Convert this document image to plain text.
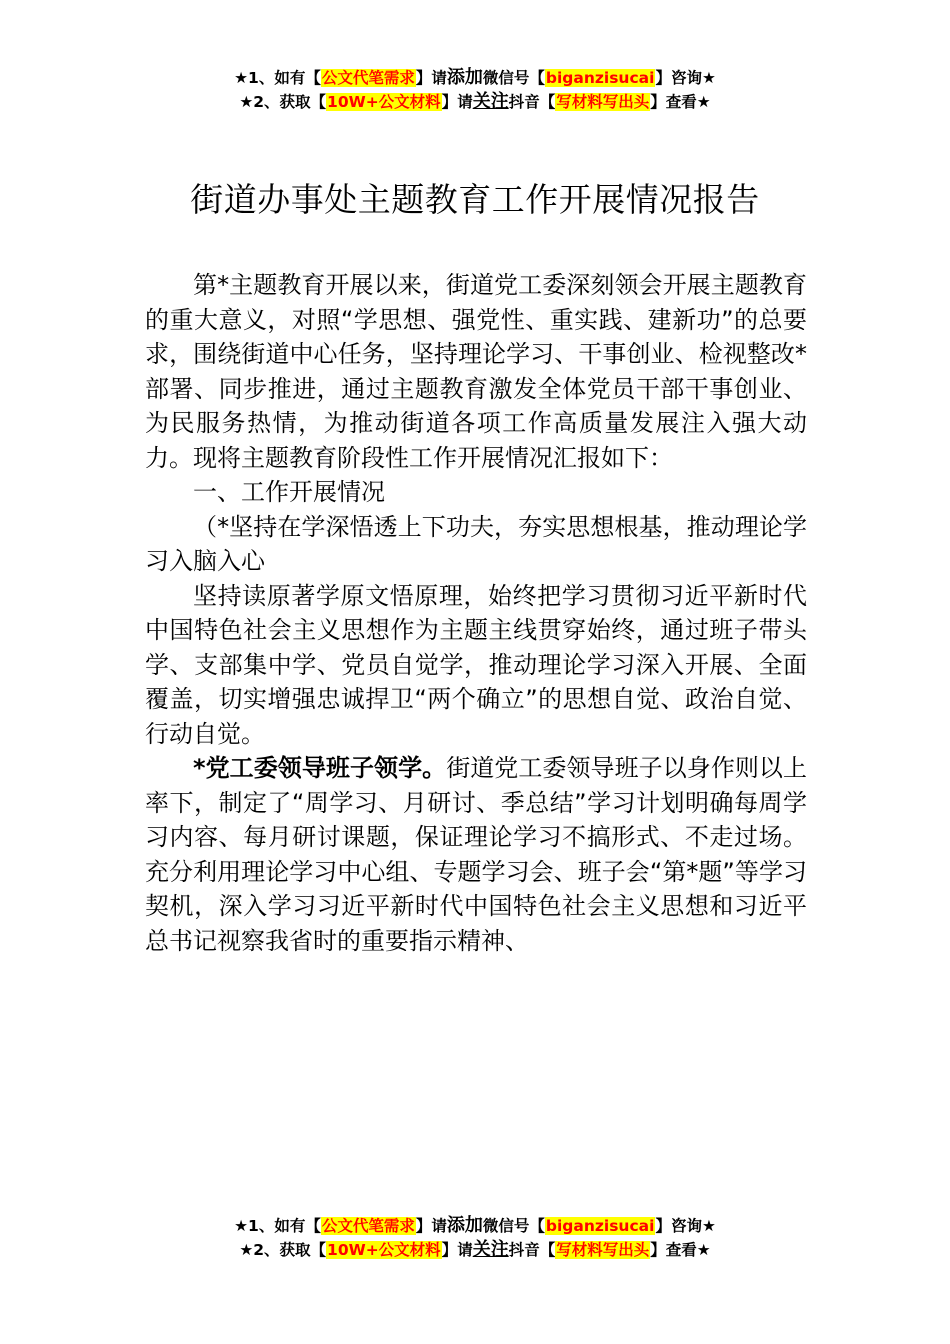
★1、如有【公文代笔需求】请添加微信号【biganzisucai】咨询★
★2、获取【10W+公文材料】请关注抖音【写材料写出头】查看★
街道办事处主题教育工作开展情况报告

第*主题教育开展以来，街道党工委深刻领会开展主题教育的重大意义，对照“学思想、强党性、重实践、建新功”的总要求，围绕街道中心任务，坚持理论学习、干事创业、检视整改*部署、同步推进，通过主题教育激发全体党员干部干事创业、为民服务热情，为推动街道各项工作高质量发展注入强大动力。现将主题教育阶段性工作开展情况汇报如下：

一、工作开展情况

（*坚持在学深悟透上下功夫，夯实思想根基，推动理论学习入脑入心

坚持读原著学原文悟原理，始终把学习贯彻习近平新时代中国特色社会主义思想作为主题主线贯穿始终，通过班子带头学、支部集中学、党员自觉学，推动理论学习深入开展、全面覆盖，切实增强忠诚捍卫“两个确立”的思想自觉、政治自觉、行动自觉。

*党工委领导班子领学。街道党工委领导班子以身作则以上率下，制定了“周学习、月研讨、季总结”学习计划明确每周学习内容、每月研讨课题，保证理论学习不搞形式、不走过场。充分利用理论学习中心组、专题学习会、班子会“第*题”等学习契机，深入学习习近平新时代中国特色社会主义思想和习近平总书记视察我省时的重要指示精神、

★1、如有【公文代笔需求】请添加微信号【biganzisucai】咨询★
★2、获取【10W+公文材料】请关注抖音【写材料写出头】查看★
